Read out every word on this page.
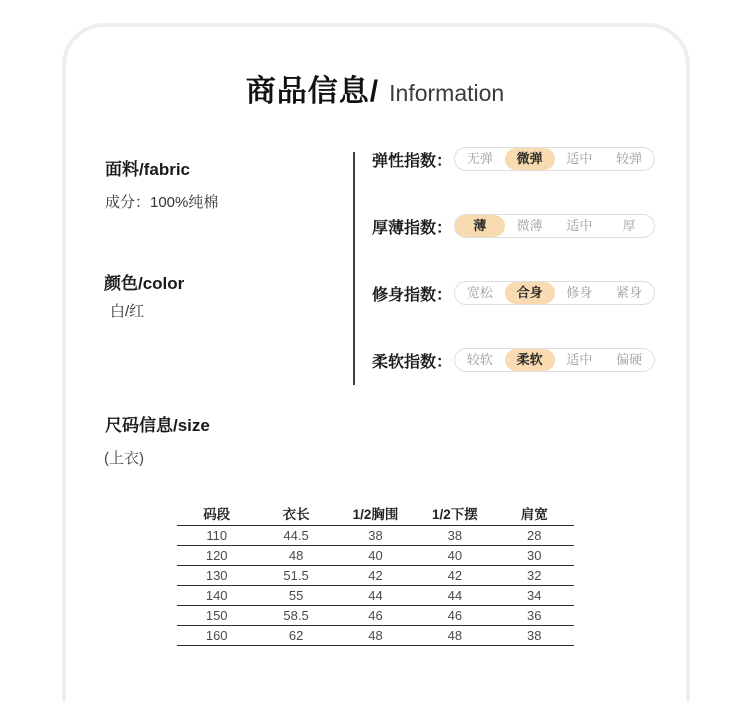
商品信息/ Information
面料/fabric
成分：100%纯棉
颜色/color
白/红
弹性指数：	无弹	微弹	适中	较弹
厚薄指数：	薄	微薄	适中	厚
修身指数：	宽松	合身	修身	紧身
柔软指数：	较软	柔软	适中	偏硬
尺码信息/size
(上衣)
码段	衣长	1/2胸围	1/2下摆	肩宽
110	44.5	38	38	28
120	48	40	40	30
130	51.5	42	42	32
140	55	44	44	34
150	58.5	46	46	36
160	62	48	48	38
